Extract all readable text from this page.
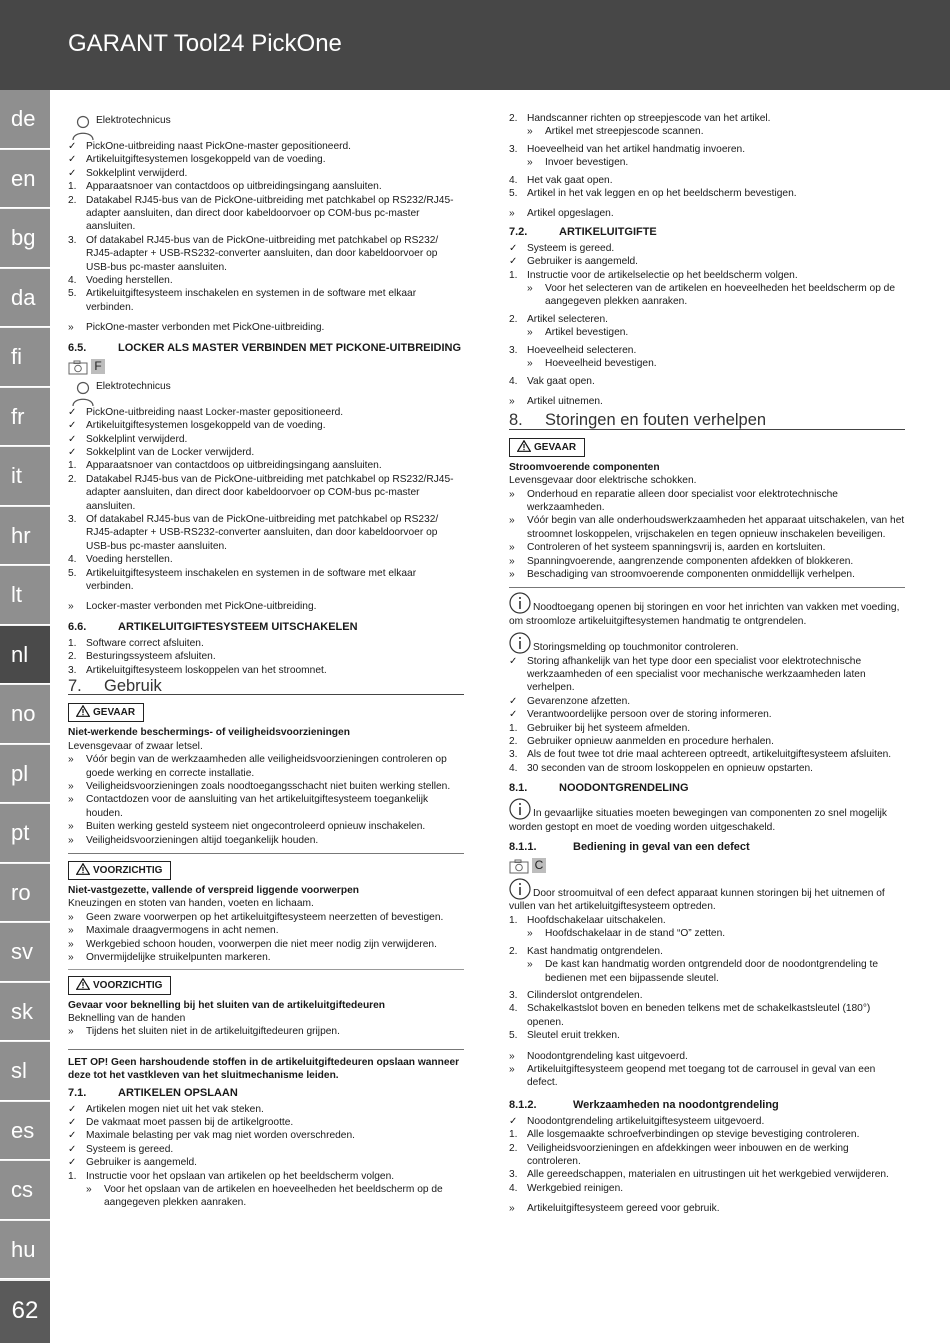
GARANT Tool24 PickOne
de
en
bg
da
fi
fr
it
hr
lt
nl
no
pl
pt
ro
sv
sk
sl
es
cs
hu
62
Elektrotechnicus
✓ PickOne-uitbreiding naast PickOne-master gepositioneerd.
✓ Artikeluitgiftesystemen losgekoppeld van de voeding.
✓ Sokkelplint verwijderd.
1. Apparaatsnoer van contactdoos op uitbreidingsingang aansluiten.
2. Datakabel RJ45-bus van de PickOne-uitbreiding met patchkabel op RS232/RJ45-adapter aansluiten, dan direct door kabeldoorvoer op COM-bus pc-master aansluiten.
3. Of datakabel RJ45-bus van de PickOne-uitbreiding met patchkabel op RS232/ RJ45-adapter + USB-RS232-converter aansluiten, dan door kabeldoorvoer op USB-bus pc-master aansluiten.
4. Voeding herstellen.
5. Artikeluitgiftesysteem inschakelen en systemen in de software met elkaar verbinden.
» PickOne-master verbonden met PickOne-uitbreiding.
6.5.	LOCKER ALS MASTER VERBINDEN MET PICKONE-UITBREIDING
F
Elektrotechnicus
✓ PickOne-uitbreiding naast Locker-master gepositioneerd.
✓ Artikeluitgiftesystemen losgekoppeld van de voeding.
✓ Sokkelplint verwijderd.
✓ Sokkelplint van de Locker verwijderd.
1. Apparaatsnoer van contactdoos op uitbreidingsingang aansluiten.
2. Datakabel RJ45-bus van de PickOne-uitbreiding met patchkabel op RS232/RJ45-adapter aansluiten, dan direct door kabeldoorvoer op COM-bus pc-master aansluiten.
3. Of datakabel RJ45-bus van de PickOne-uitbreiding met patchkabel op RS232/ RJ45-adapter + USB-RS232-converter aansluiten, dan door kabeldoorvoer op USB-bus pc-master aansluiten.
4. Voeding herstellen.
5. Artikeluitgiftesysteem inschakelen en systemen in de software met elkaar verbinden.
» Locker-master verbonden met PickOne-uitbreiding.
6.6.	ARTIKELUITGIFTESYSTEEM UITSCHAKELEN
1. Software correct afsluiten.
2. Besturingssysteem afsluiten.
3. Artikeluitgiftesysteem loskoppelen van het stroomnet.
7. Gebruik
GEVAAR
Niet-werkende beschermings- of veiligheidsvoorzieningen
Levensgevaar of zwaar letsel.
» Vóór begin van de werkzaamheden alle veiligheidsvoorzieningen controleren op goede werking en correcte installatie.
» Veiligheidsvoorzieningen zoals noodtoegangsschacht niet buiten werking stellen.
» Contactdozen voor de aansluiting van het artikeluitgiftesysteem toegankelijk houden.
» Buiten werking gesteld systeem niet ongecontroleerd opnieuw inschakelen.
» Veiligheidsvoorzieningen altijd toegankelijk houden.
VOORZICHTIG
Niet-vastgezette, vallende of verspreid liggende voorwerpen
Kneuzingen en stoten van handen, voeten en lichaam.
» Geen zware voorwerpen op het artikeluitgiftesysteem neerzetten of bevestigen.
» Maximale draagvermogens in acht nemen.
» Werkgebied schoon houden, voorwerpen die niet meer nodig zijn verwijderen.
» Onvermijdelijke struikelpunten markeren.
VOORZICHTIG
Gevaar voor beknelling bij het sluiten van de artikeluitgiftedeuren
Beknelling van de handen
» Tijdens het sluiten niet in de artikeluitgiftedeuren grijpen.
LET OP! Geen harshoudende stoffen in de artikeluitgiftedeuren opslaan wanneer deze tot het vastkleven van het sluitmechanisme leiden.
7.1.	ARTIKELEN OPSLAAN
✓ Artikelen mogen niet uit het vak steken.
✓ De vakmaat moet passen bij de artikelgrootte.
✓ Maximale belasting per vak mag niet worden overschreden.
✓ Systeem is gereed.
✓ Gebruiker is aangemeld.
1. Instructie voor het opslaan van artikelen op het beeldscherm volgen.
» Voor het opslaan van de artikelen en hoeveelheden het beeldscherm op de aangegeven plekken aanraken.
2. Handscanner richten op streepjescode van het artikel.
» Artikel met streepjescode scannen.
3. Hoeveelheid van het artikel handmatig invoeren.
» Invoer bevestigen.
4. Het vak gaat open.
5. Artikel in het vak leggen en op het beeldscherm bevestigen.
» Artikel opgeslagen.
7.2.	ARTIKELUITGIFTE
✓ Systeem is gereed.
✓ Gebruiker is aangemeld.
1. Instructie voor de artikelselectie op het beeldscherm volgen.
» Voor het selecteren van de artikelen en hoeveelheden het beeldscherm op de aangegeven plekken aanraken.
2. Artikel selecteren.
» Artikel bevestigen.
3. Hoeveelheid selecteren.
» Hoeveelheid bevestigen.
4. Vak gaat open.
» Artikel uitnemen.
8. Storingen en fouten verhelpen
GEVAAR
Stroomvoerende componenten
Levensgevaar door elektrische schokken.
» Onderhoud en reparatie alleen door specialist voor elektrotechnische werkzaamheden.
» Vóór begin van alle onderhoudswerkzaamheden het apparaat uitschakelen, van het stroomnet loskoppelen, vrijschakelen en tegen opnieuw inschakelen beveiligen.
» Controleren of het systeem spanningsvrij is, aarden en kortsluiten.
» Spanningvoerende, aangrenzende componenten afdekken of blokkeren.
» Beschadiging van stroomvoerende componenten onmiddellijk verhelpen.
Noodtoegang openen bij storingen en voor het inrichten van vakken met voeding, om stroomloze artikeluitgiftesystemen handmatig te ontgrendelen.
Storingsmelding op touchmonitor controleren.
✓ Storing afhankelijk van het type door een specialist voor elektrotechnische werkzaamheden of een specialist voor mechanische werkzaamheden laten verhelpen.
✓ Gevarenzone afzetten.
✓ Verantwoordelijke persoon over de storing informeren.
1. Gebruiker bij het systeem afmelden.
2. Gebruiker opnieuw aanmelden en procedure herhalen.
3. Als de fout twee tot drie maal achtereen optreedt, artikeluitgiftesysteem afsluiten.
4. 30 seconden van de stroom loskoppelen en opnieuw opstarten.
8.1.	NOODONTGRENDELING
In gevaarlijke situaties moeten bewegingen van componenten zo snel mogelijk worden gestopt en moet de voeding worden uitgeschakeld.
8.1.1.	Bediening in geval van een defect
C
Door stroomuitval of een defect apparaat kunnen storingen bij het uitnemen of vullen van het artikeluitgiftesysteem optreden.
1. Hoofdschakelaar uitschakelen.
» Hoofdschakelaar in de stand “O” zetten.
2. Kast handmatig ontgrendelen.
» De kast kan handmatig worden ontgrendeld door de noodontgrendeling te bedienen met een bijpassende sleutel.
3. Cilinderslot ontgrendelen.
4. Schakelkastslot boven en beneden telkens met de schakelkastsleutel (180°) openen.
5. Sleutel eruit trekken.
» Noodontgrendeling kast uitgevoerd.
» Artikeluitgiftesysteem geopend met toegang tot de carrousel in geval van een defect.
8.1.2.	Werkzaamheden na noodontgrendeling
✓ Noodontgrendeling artikeluitgiftesysteem uitgevoerd.
1. Alle losgemaakte schroefverbindingen op stevige bevestiging controleren.
2. Veiligheidsvoorzieningen en afdekkingen weer inbouwen en de werking controleren.
3. Alle gereedschappen, materialen en uitrustingen uit het werkgebied verwijderen.
4. Werkgebied reinigen.
» Artikeluitgiftesysteem gereed voor gebruik.
